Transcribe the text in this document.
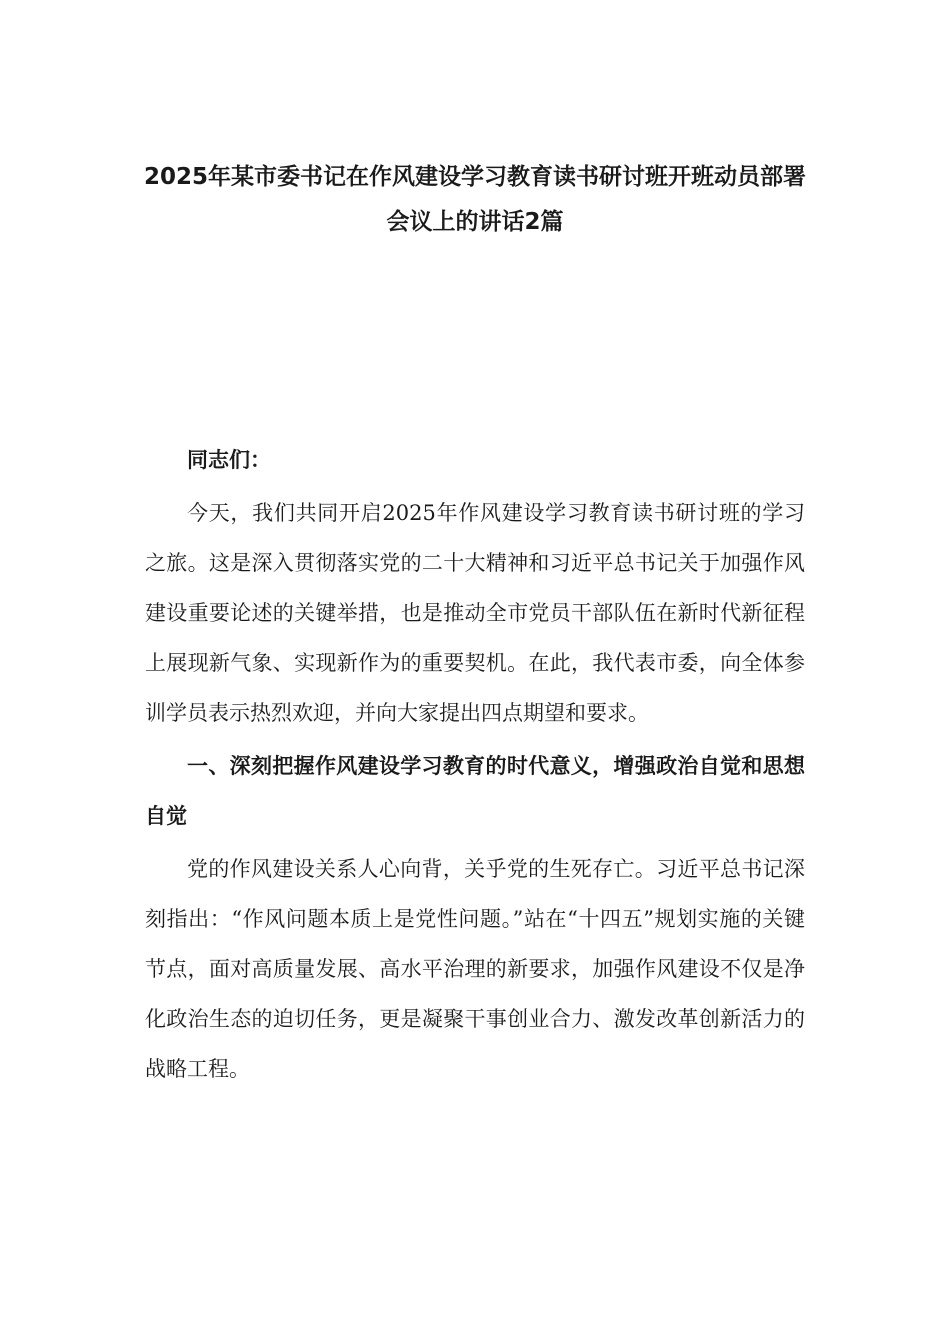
2025年某市委书记在作风建设学习教育读书研讨班开班动员部署会议上的讲话2篇

同志们：

今天，我们共同开启2025年作风建设学习教育读书研讨班的学习之旅。这是深入贯彻落实党的二十大精神和习近平总书记关于加强作风建设重要论述的关键举措，也是推动全市党员干部队伍在新时代新征程上展现新气象、实现新作为的重要契机。在此，我代表市委，向全体参训学员表示热烈欢迎，并向大家提出四点期望和要求。

一、深刻把握作风建设学习教育的时代意义，增强政治自觉和思想自觉

党的作风建设关系人心向背，关乎党的生死存亡。习近平总书记深刻指出：“作风问题本质上是党性问题。”站在“十四五”规划实施的关键节点，面对高质量发展、高水平治理的新要求，加强作风建设不仅是净化政治生态的迫切任务，更是凝聚干事创业合力、激发改革创新活力的战略工程。
